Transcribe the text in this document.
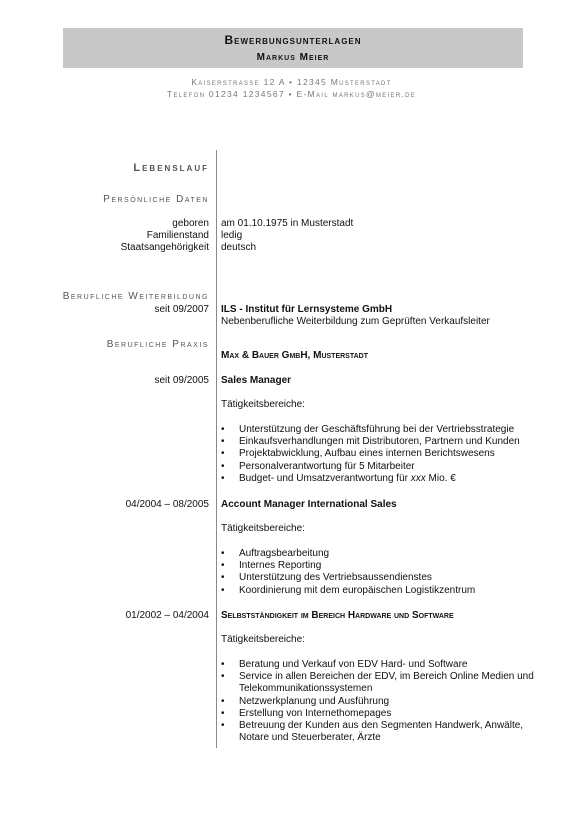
Bewerbungsunterlagen
Markus Meier
Kaiserstrasse 12 A • 12345 Musterstadt
Telefon 01234 1234567 • E-Mail markus@meier.de
Lebenslauf
Persönliche Daten
geboren am 01.10.1975 in Musterstadt
Familienstand ledig
Staatsangehörigkeit deutsch
Berufliche Weiterbildung
seit 09/2007 ILS - Institut für Lernsysteme GmbH
Nebenberufliche Weiterbildung zum Geprüften Verkaufsleiter
Berufliche Praxis
Max & Bauer GmbH, Musterstadt
seit 09/2005 Sales Manager
Tätigkeitsbereiche:
• Unterstützung der Geschäftsführung bei der Vertriebsstrategie
• Einkaufsverhandlungen mit Distributoren, Partnern und Kunden
• Projektabwicklung, Aufbau eines internen Berichtswesens
• Personalverantwortung für 5 Mitarbeiter
• Budget- und Umsatzverantwortung für xxx Mio. €
04/2004 – 08/2005 Account Manager International Sales
Tätigkeitsbereiche:
• Auftragsbearbeitung
• Internes Reporting
• Unterstützung des Vertriebsaussendienstes
• Koordinierung mit dem europäischen Logistikzentrum
01/2002 – 04/2004 Selbstständigkeit im Bereich Hardware und Software
Tätigkeitsbereiche:
• Beratung und Verkauf von EDV Hard- und Software
• Service in allen Bereichen der EDV, im Bereich Online Medien und Telekommunikationssystemen
• Netzwerkplanung und Ausführung
• Erstellung von Internethomepages
• Betreuung der Kunden aus den Segmenten Handwerk, Anwälte, Notare und Steuerberater, Ärzte
